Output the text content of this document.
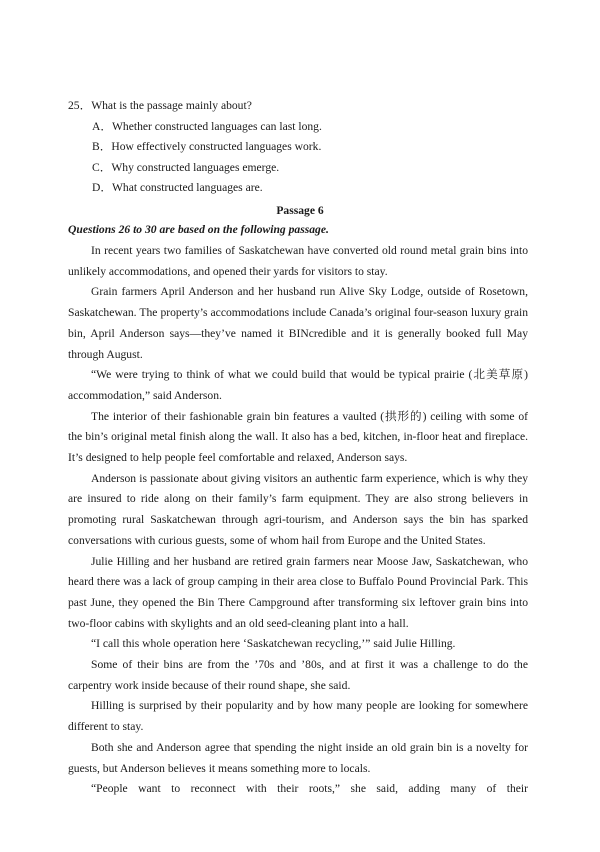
25．What is the passage mainly about?
A．Whether constructed languages can last long.
B．How effectively constructed languages work.
C．Why constructed languages emerge.
D．What constructed languages are.
Passage 6
Questions 26 to 30 are based on the following passage.

In recent years two families of Saskatchewan have converted old round metal grain bins into unlikely accommodations, and opened their yards for visitors to stay.

Grain farmers April Anderson and her husband run Alive Sky Lodge, outside of Rosetown, Saskatchewan. The property’s accommodations include Canada’s original four-season luxury grain bin, April Anderson says—they’ve named it BINcredible and it is generally booked full May through August.

“We were trying to think of what we could build that would be typical prairie (北美草原) accommodation,” said Anderson.

The interior of their fashionable grain bin features a vaulted (拱形的) ceiling with some of the bin’s original metal finish along the wall. It also has a bed, kitchen, in-floor heat and fireplace. It’s designed to help people feel comfortable and relaxed, Anderson says.

Anderson is passionate about giving visitors an authentic farm experience, which is why they are insured to ride along on their family’s farm equipment. They are also strong believers in promoting rural Saskatchewan through agri-tourism, and Anderson says the bin has sparked conversations with curious guests, some of whom hail from Europe and the United States.

Julie Hilling and her husband are retired grain farmers near Moose Jaw, Saskatchewan, who heard there was a lack of group camping in their area close to Buffalo Pound Provincial Park. This past June, they opened the Bin There Campground after transforming six leftover grain bins into two-floor cabins with skylights and an old seed-cleaning plant into a hall.

“I call this whole operation here ‘Saskatchewan recycling,’” said Julie Hilling.

Some of their bins are from the ’70s and ’80s, and at first it was a challenge to do the carpentry work inside because of their round shape, she said.

Hilling is surprised by their popularity and by how many people are looking for somewhere different to stay.

Both she and Anderson agree that spending the night inside an old grain bin is a novelty for guests, but Anderson believes it means something more to locals.

“People want to reconnect with their roots,” she said, adding many of their
